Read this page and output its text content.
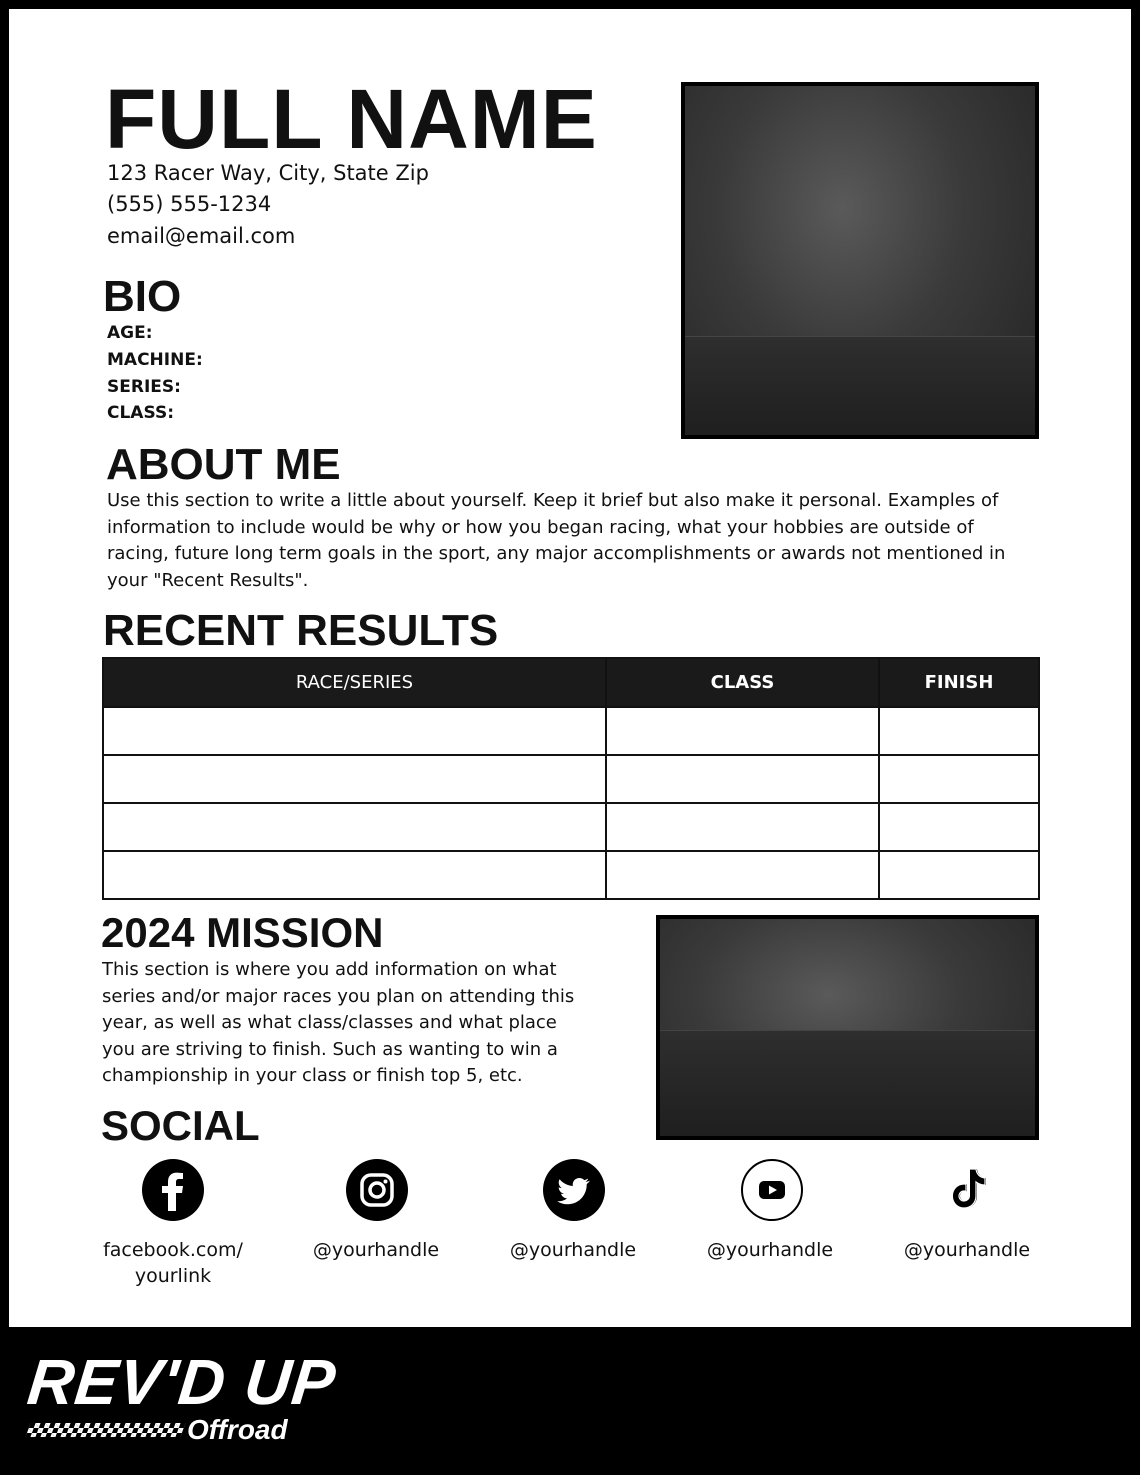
FULL NAME
123 Racer Way, City, State Zip
(555) 555-1234
email@email.com
BIO
AGE:
MACHINE:
SERIES:
CLASS:
ABOUT ME
Use this section to write a little about yourself. Keep it brief but also make it personal. Examples of
information to include would be why or how you began racing, what your hobbies are outside of
racing, future long term goals in the sport, any major accomplishments or awards not mentioned in
your "Recent Results".
RECENT RESULTS
RACE/SERIES	CLASS	FINISH

2024 MISSION
This section is where you add information on what
series and/or major races you plan on attending this
year, as well as what class/classes and what place
you are striving to finish. Such as wanting to win a
championship in your class or finish top 5, etc.
SOCIAL
facebook.com/
yourlink
@yourhandle	@yourhandle	@yourhandle	@yourhandle
REV'D UP
Offroad
